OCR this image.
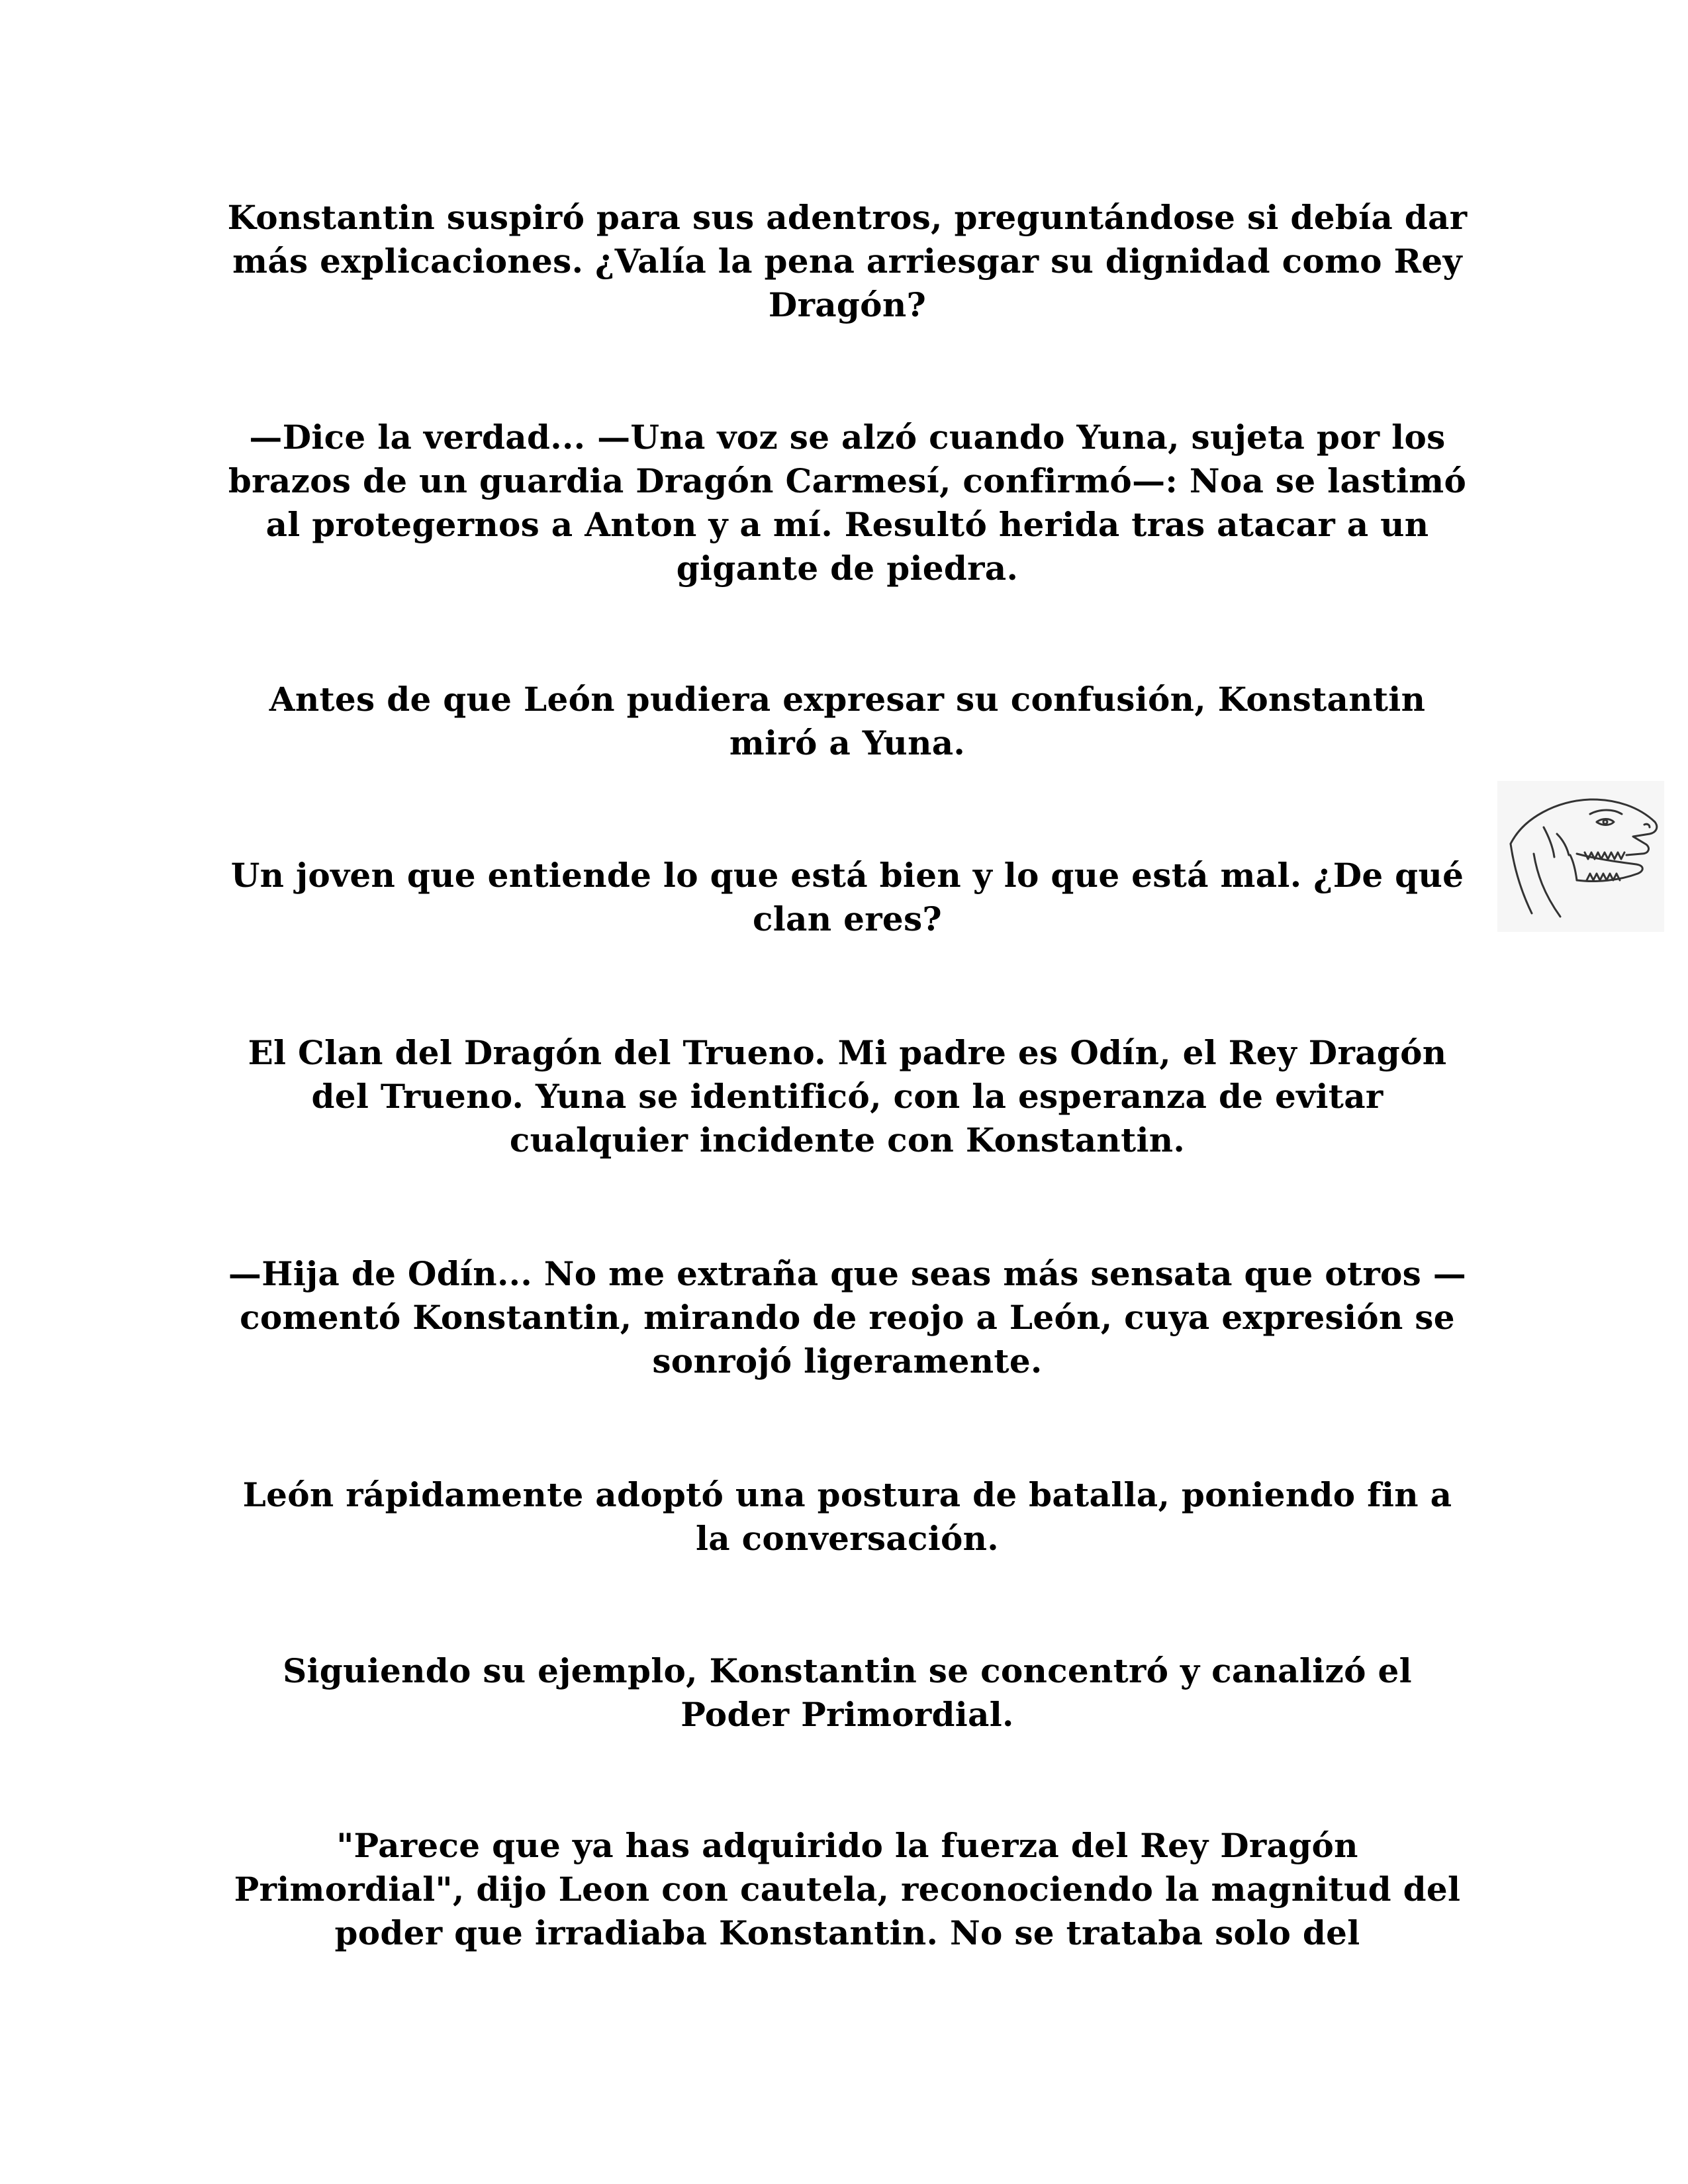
Konstantin suspiró para sus adentros, preguntándose si debía dar más explicaciones. ¿Valía la pena arriesgar su dignidad como Rey Dragón?

—Dice la verdad... —Una voz se alzó cuando Yuna, sujeta por los brazos de un guardia Dragón Carmesí, confirmó—: Noa se lastimó al protegernos a Anton y a mí. Resultó herida tras atacar a un gigante de piedra.

Antes de que León pudiera expresar su confusión, Konstantin miró a Yuna.

Un joven que entiende lo que está bien y lo que está mal. ¿De qué clan eres?

El Clan del Dragón del Trueno. Mi padre es Odín, el Rey Dragón del Trueno. Yuna se identificó, con la esperanza de evitar cualquier incidente con Konstantin.

—Hija de Odín... No me extraña que seas más sensata que otros —comentó Konstantin, mirando de reojo a León, cuya expresión se sonrojó ligeramente.

León rápidamente adoptó una postura de batalla, poniendo fin a la conversación.

Siguiendo su ejemplo, Konstantin se concentró y canalizó el Poder Primordial.

"Parece que ya has adquirido la fuerza del Rey Dragón Primordial", dijo Leon con cautela, reconociendo la magnitud del poder que irradiaba Konstantin. No se trataba solo del
